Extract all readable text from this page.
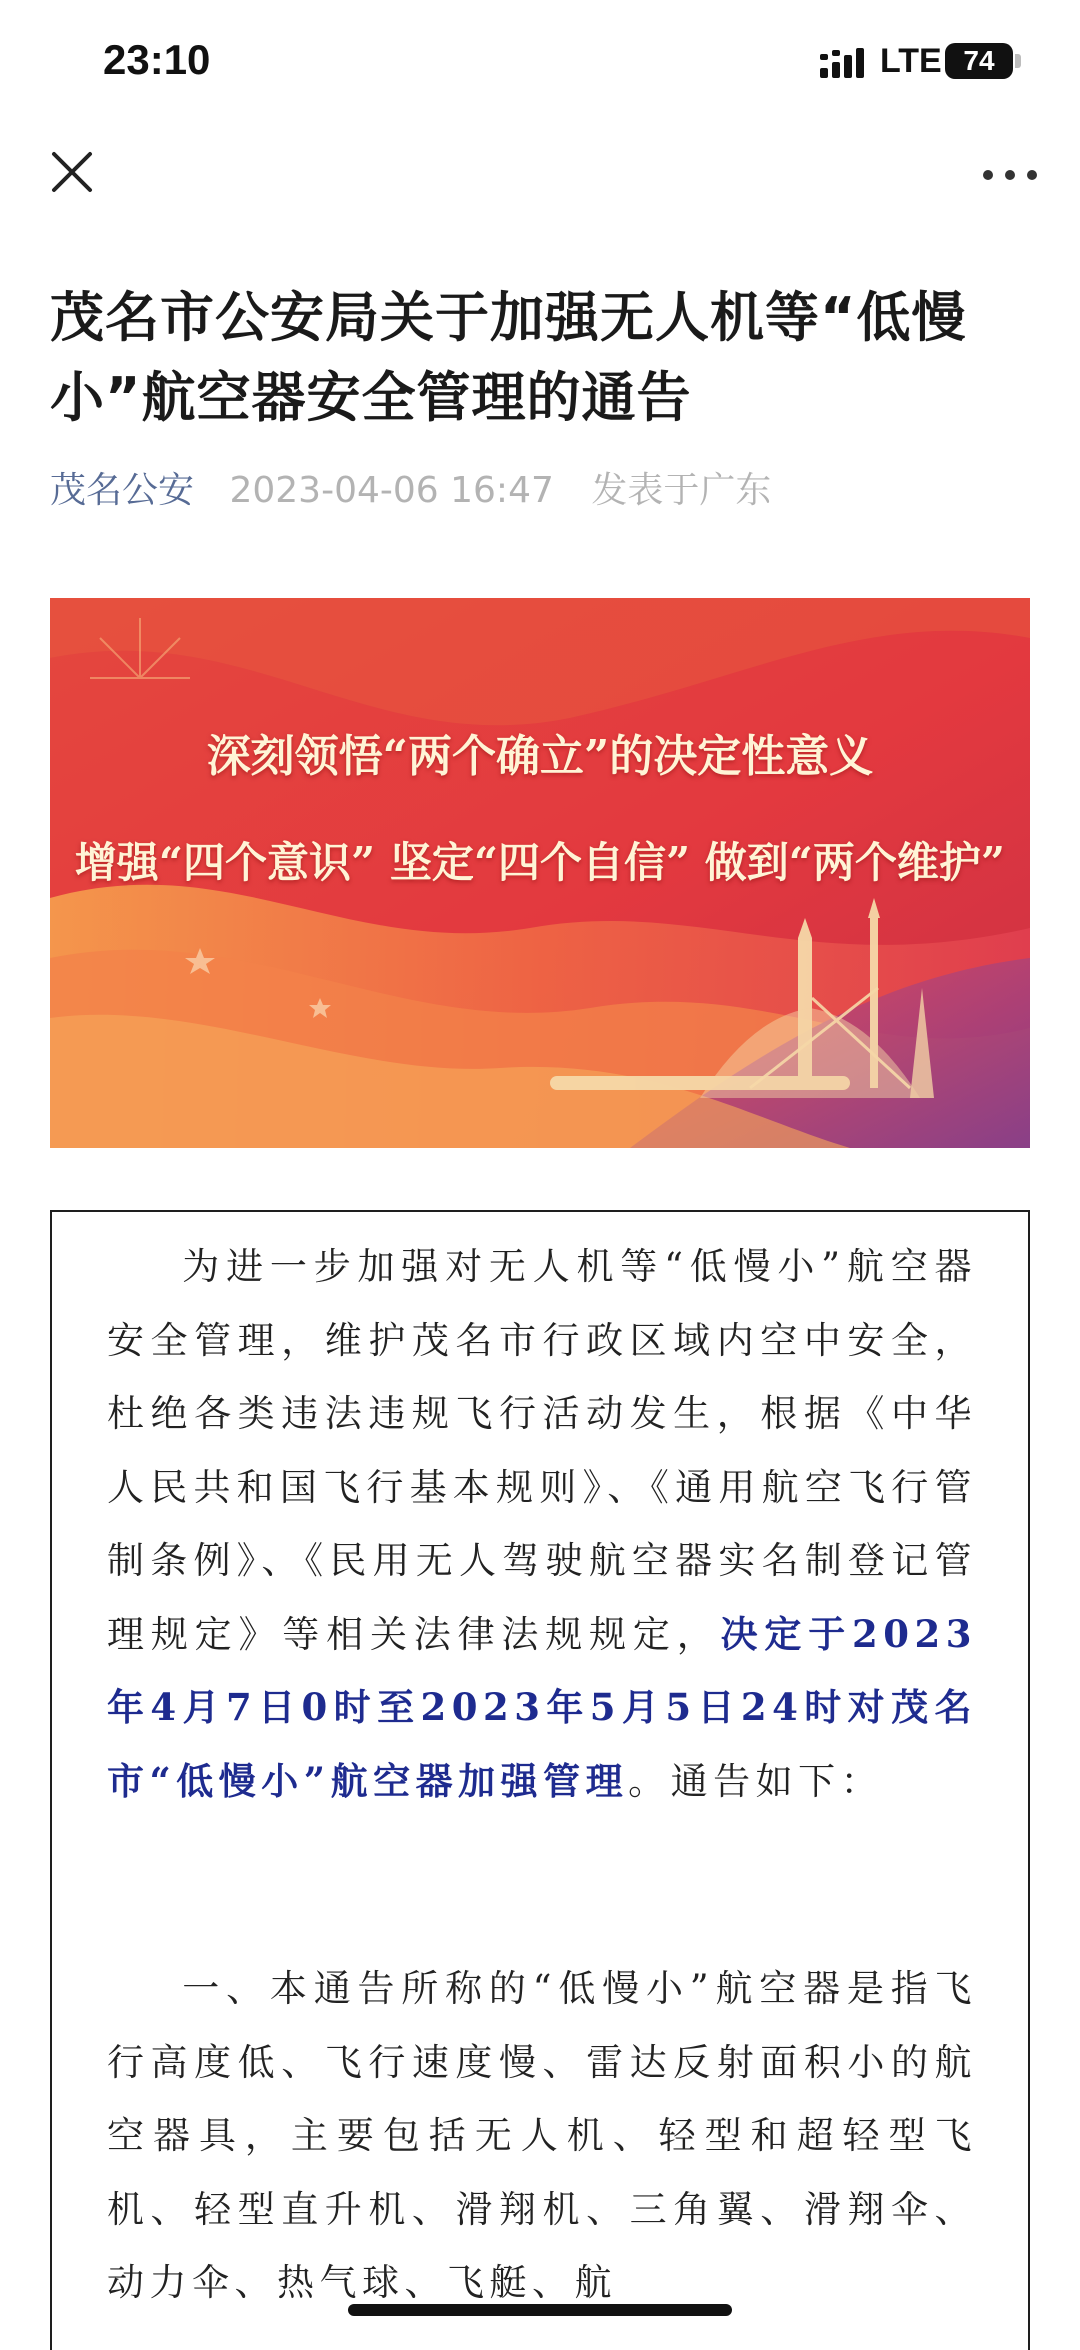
23:10	LTE 74
茂名市公安局关于加强无人机等“低慢小”航空器安全管理的通告
茂名公安 2023-04-06 16:47 发表于广东
深刻领悟“两个确立”的决定性意义
增强“四个意识” 坚定“四个自信” 做到“两个维护”

为进一步加强对无人机等“低慢小”航空器安全管理，维护茂名市行政区域内空中安全，杜绝各类违法违规飞行活动发生，根据《中华人民共和国飞行基本规则》、《通用航空飞行管制条例》、《民用无人驾驶航空器实名制登记管理规定》等相关法律法规规定，决定于2023年4月7日0时至2023年5月5日24时对茂名市“低慢小”航空器加强管理。通告如下：

一、本通告所称的“低慢小”航空器是指飞行高度低、飞行速度慢、雷达反射面积小的航空器具，主要包括无人机、轻型和超轻型飞机、轻型直升机、滑翔机、三角翼、滑翔伞、动力伞、热气球、飞艇、航
